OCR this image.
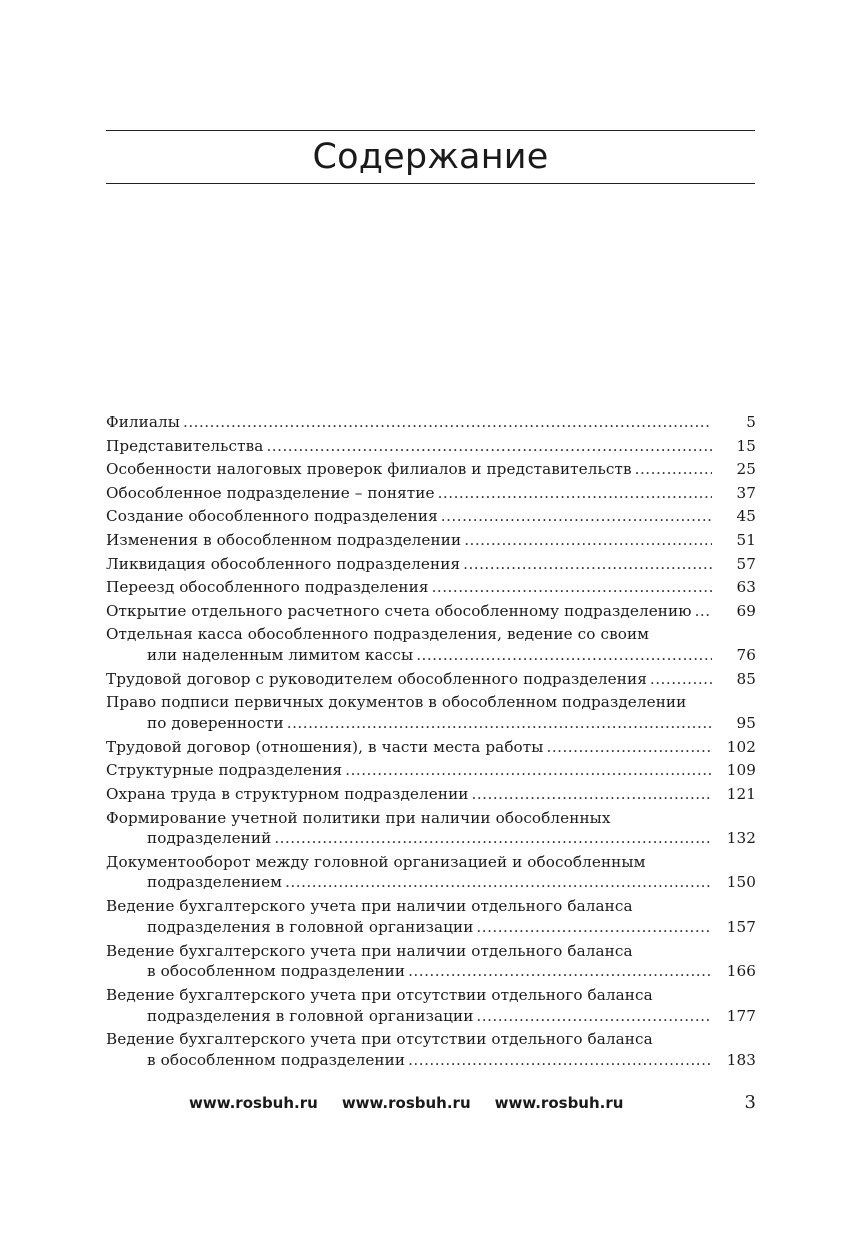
Содержание
Филиалы .....	5
Представительства .....	15
Особенности налоговых проверок филиалов и представительств .....	25
Обособленное подразделение – понятие .....	37
Создание обособленного подразделения .....	45
Изменения в обособленном подразделении .....	51
Ликвидация обособленного подразделения .....	57
Переезд обособленного подразделения .....	63
Открытие отдельного расчетного счета обособленному подразделению .....	69
Отдельная касса обособленного подразделения, ведение со своим
или наделенным лимитом кассы .....	76
Трудовой договор с руководителем обособленного подразделения .....	85
Право подписи первичных документов в обособленном подразделении
по доверенности .....	95
Трудовой договор (отношения), в части места работы .....	102
Структурные подразделения .....	109
Охрана труда в структурном подразделении .....	121
Формирование учетной политики при наличии обособленных
подразделений .....	132
Документооборот между головной организацией и обособленным
подразделением .....	150
Ведение бухгалтерского учета при наличии отдельного баланса
подразделения в головной организации .....	157
Ведение бухгалтерского учета при наличии отдельного баланса
в обособленном подразделении .....	166
Ведение бухгалтерского учета при отсутствии отдельного баланса
подразделения в головной организации .....	177
Ведение бухгалтерского учета при отсутствии отдельного баланса
в обособленном подразделении .....	183
www.rosbuh.ru www.rosbuh.ru www.rosbuh.ru	3
